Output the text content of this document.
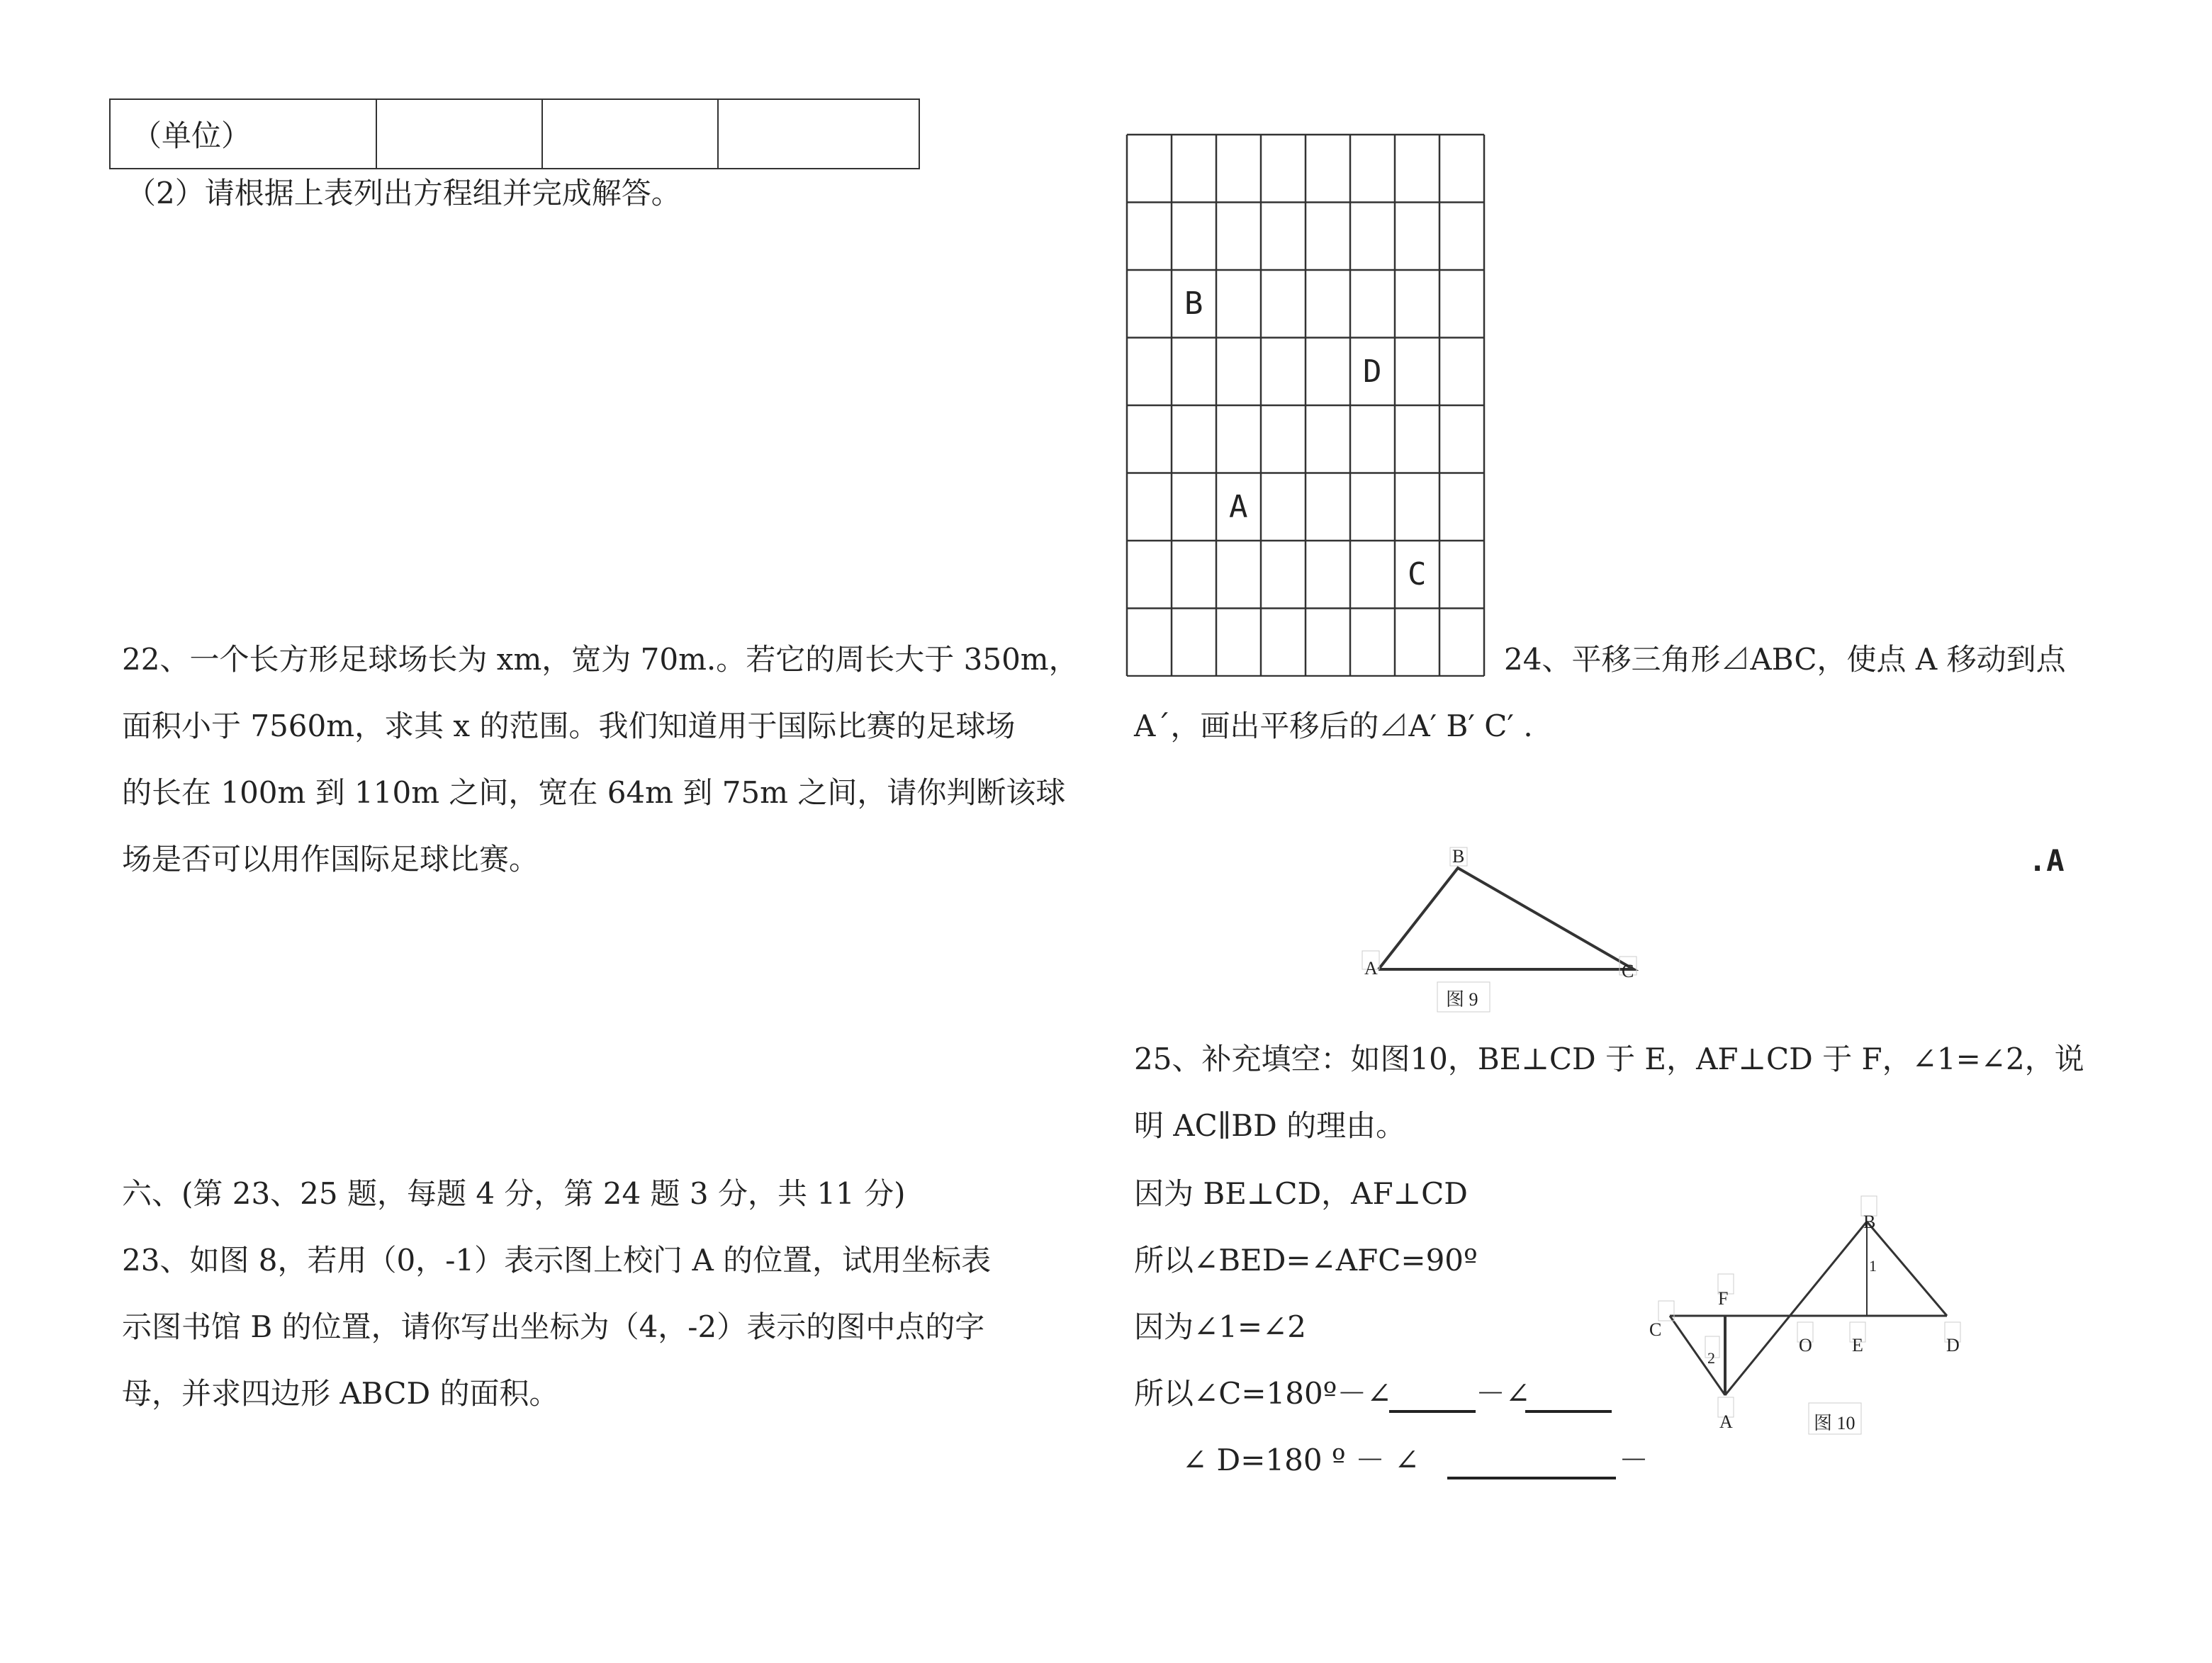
（单位）			
（2）请根据上表列出方程组并完成解答。
22、一个长方形足球场长为 xm，宽为 70m.。若它的周长大于 350m，
面积小于 7560m，求其 x 的范围。我们知道用于国际比赛的足球场
的长在 100m 到 110m 之间，宽在 64m 到 75m 之间，请你判断该球
场是否可以用作国际足球比赛。
六、(第 23、25 题，每题 4 分，第 24 题 3 分，共 11 分)
23、如图 8，若用（0，-1）表示图上校门 A 的位置，试用坐标表
示图书馆 B 的位置，请你写出坐标为（4，-2）表示的图中点的字
母，并求四边形 ABCD 的面积。
B
D
A
C
24、平移三角形⊿ABC，使点 A 移动到点
A´，画出平移后的⊿A′ B′ C′ .
.A
A
B
C
图 9
25、补充填空：如图10，BE⊥CD 于 E，AF⊥CD 于 F，∠1=∠2，说
明 AC∥BD 的理由。
因为 BE⊥CD，AF⊥CD
所以∠BED=∠AFC=90º
因为∠1=∠2
所以∠C=180º－∠	－∠
∠ D=180 º － ∠	－
B
F
C
O E	D
A
1
2
图 10
